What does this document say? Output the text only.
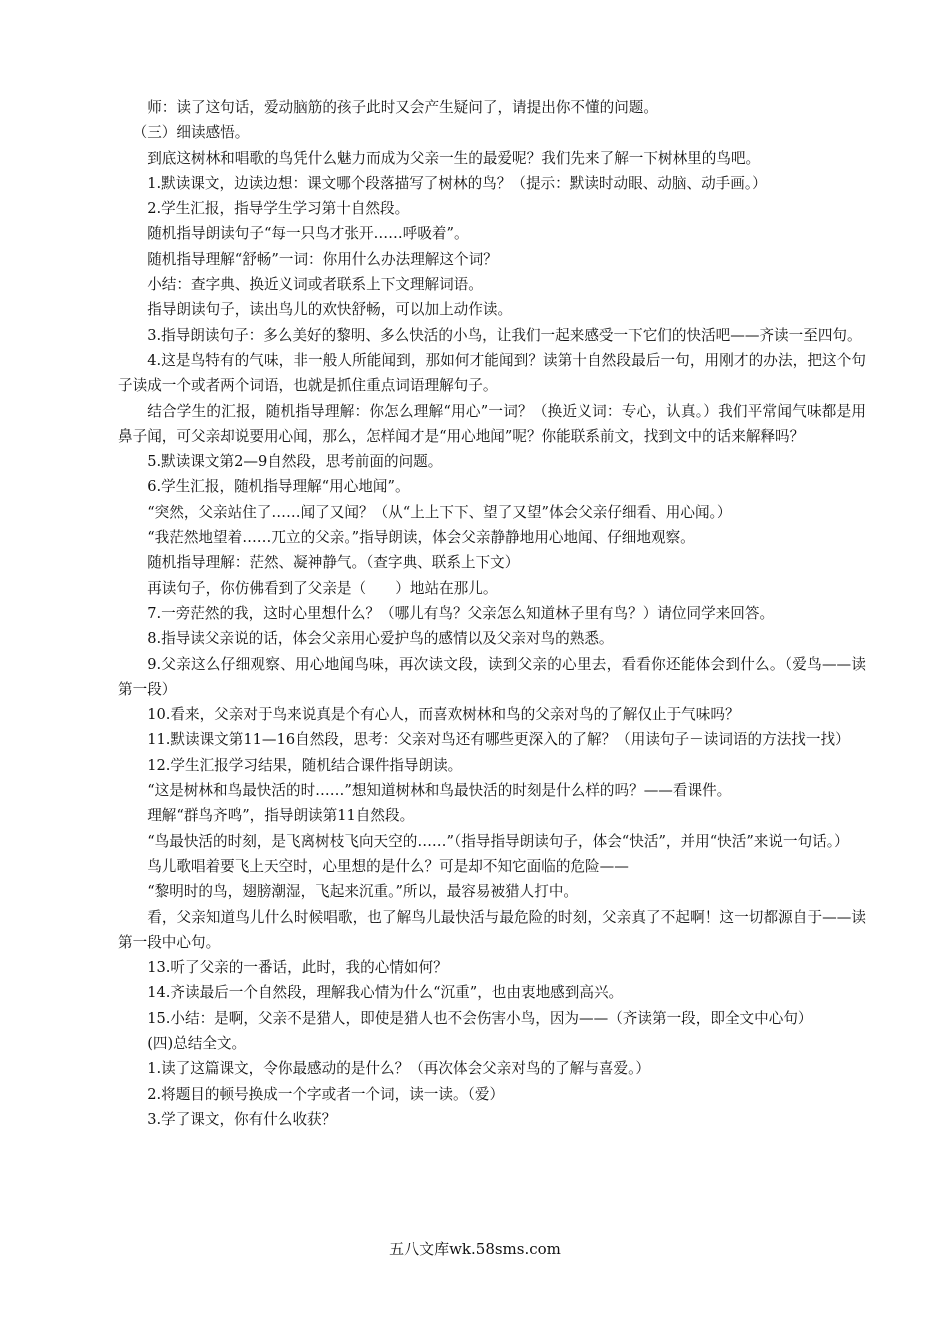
师：读了这句话，爱动脑筋的孩子此时又会产生疑问了，请提出你不懂的问题。

（三）细读感悟。

到底这树林和唱歌的鸟凭什么魅力而成为父亲一生的最爱呢？我们先来了解一下树林里的鸟吧。

1.默读课文，边读边想：课文哪个段落描写了树林的鸟？（提示：默读时动眼、动脑、动手画。）

2.学生汇报，指导学生学习第十自然段。

随机指导朗读句子“每一只鸟才张开……呼吸着”。

随机指导理解“舒畅”一词：你用什么办法理解这个词？

小结：查字典、换近义词或者联系上下文理解词语。

指导朗读句子，读出鸟儿的欢快舒畅，可以加上动作读。

3.指导朗读句子：多么美好的黎明、多么快活的小鸟，让我们一起来感受一下它们的快活吧——齐读一至四句。

4.这是鸟特有的气味，非一般人所能闻到，那如何才能闻到？读第十自然段最后一句，用刚才的办法，把这个句子读成一个或者两个词语，也就是抓住重点词语理解句子。

结合学生的汇报，随机指导理解：你怎么理解“用心”一词？（换近义词：专心，认真。）我们平常闻气味都是用鼻子闻，可父亲却说要用心闻，那么，怎样闻才是“用心地闻”呢？你能联系前文，找到文中的话来解释吗？

5.默读课文第2—9自然段，思考前面的问题。

6.学生汇报，随机指导理解“用心地闻”。

“突然，父亲站住了……闻了又闻？（从“上上下下、望了又望”体会父亲仔细看、用心闻。）

“我茫然地望着……兀立的父亲。”指导朗读，体会父亲静静地用心地闻、仔细地观察。

随机指导理解：茫然、凝神静气。（查字典、联系上下文）

再读句子，你仿佛看到了父亲是（　　）地站在那儿。

7.一旁茫然的我，这时心里想什么？（哪儿有鸟？父亲怎么知道林子里有鸟？）请位同学来回答。

8.指导读父亲说的话，体会父亲用心爱护鸟的感情以及父亲对鸟的熟悉。

9.父亲这么仔细观察、用心地闻鸟味，再次读文段，读到父亲的心里去，看看你还能体会到什么。（爱鸟——读第一段）

10.看来，父亲对于鸟来说真是个有心人，而喜欢树林和鸟的父亲对鸟的了解仅止于气味吗？

11.默读课文第11—16自然段，思考：父亲对鸟还有哪些更深入的了解？（用读句子－读词语的方法找一找）

12.学生汇报学习结果，随机结合课件指导朗读。

“这是树林和鸟最快活的时……”想知道树林和鸟最快活的时刻是什么样的吗？——看课件。

理解“群鸟齐鸣”，指导朗读第11自然段。

“鸟最快活的时刻，是飞离树枝飞向天空的……”（指导指导朗读句子，体会“快活”，并用“快活”来说一句话。）

鸟儿歌唱着要飞上天空时，心里想的是什么？可是却不知它面临的危险——

“黎明时的鸟，翅膀潮湿，飞起来沉重。”所以，最容易被猎人打中。

看，父亲知道鸟儿什么时候唱歌，也了解鸟儿最快活与最危险的时刻，父亲真了不起啊！这一切都源自于——读第一段中心句。

13.听了父亲的一番话，此时，我的心情如何？

14.齐读最后一个自然段，理解我心情为什么“沉重”，也由衷地感到高兴。

15.小结：是啊，父亲不是猎人，即使是猎人也不会伤害小鸟，因为——（齐读第一段，即全文中心句）

(四)总结全文。

1.读了这篇课文，令你最感动的是什么？（再次体会父亲对鸟的了解与喜爱。）

2.将题目的顿号换成一个字或者一个词，读一读。（爱）

3.学了课文，你有什么收获？

五八文库wk.58sms.com
